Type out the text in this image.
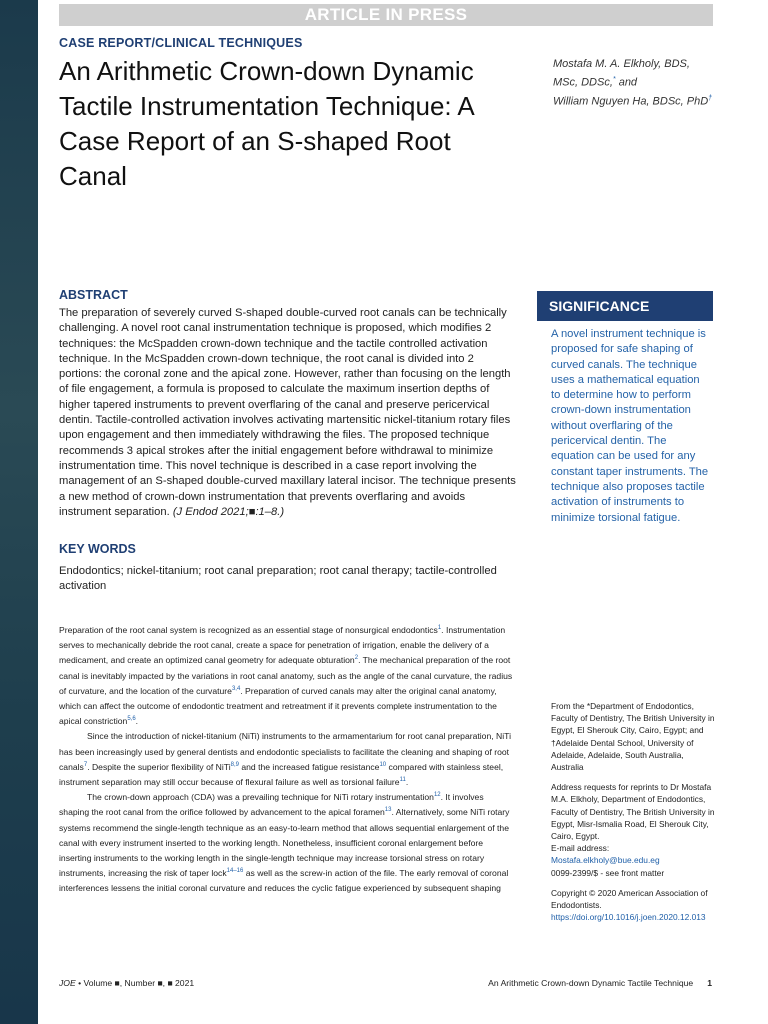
ARTICLE IN PRESS
CASE REPORT/CLINICAL TECHNIQUES
An Arithmetic Crown-down Dynamic Tactile Instrumentation Technique: A Case Report of an S-shaped Root Canal
Mostafa M. A. Elkholy, BDS,
MSc, DDSc,* and
William Nguyen Ha, BDSc, PhD†
ABSTRACT
The preparation of severely curved S-shaped double-curved root canals can be technically challenging. A novel root canal instrumentation technique is proposed, which modifies 2 techniques: the McSpadden crown-down technique and the tactile controlled activation technique. In the McSpadden crown-down technique, the root canal is divided into 2 portions: the coronal zone and the apical zone. However, rather than focusing on the length of file engagement, a formula is proposed to calculate the maximum insertion depths of higher tapered instruments to prevent overflaring of the canal and preserve pericervical dentin. Tactile-controlled activation involves activating martensitic nickel-titanium rotary files upon engagement and then immediately withdrawing the files. The proposed technique recommends 3 apical strokes after the initial engagement before withdrawal to minimize instrumentation time. This novel technique is described in a case report involving the management of an S-shaped double-curved maxillary lateral incisor. The technique presents a new method of crown-down instrumentation that prevents overflaring and avoids instrument separation. (J Endod 2021;■:1–8.)
SIGNIFICANCE
A novel instrument technique is proposed for safe shaping of curved canals. The technique uses a mathematical equation to determine how to perform crown-down instrumentation without overflaring of the pericervical dentin. The equation can be used for any constant taper instruments. The technique also proposes tactile activation of instruments to minimize torsional fatigue.
KEY WORDS
Endodontics; nickel-titanium; root canal preparation; root canal therapy; tactile-controlled activation

Preparation of the root canal system is recognized as an essential stage of nonsurgical endodontics$^1$. Instrumentation serves to mechanically debride the root canal, create a space for penetration of irrigation, enable the delivery of a medicament, and create an optimized canal geometry for adequate obturation$^2$. The mechanical preparation of the root canal is inevitably impacted by the variations in root canal anatomy, such as the angle of the canal curvature, the radius of curvature, and the location of the curvature$^{3,4}$. Preparation of curved canals may alter the original canal anatomy, which can affect the outcome of endodontic treatment and retreatment if it prevents complete instrumentation to the apical constriction$^{5,6}$.

Since the introduction of nickel-titanium (NiTi) instruments to the armamentarium for root canal preparation, NiTi has been increasingly used by general dentists and endodontic specialists to facilitate the cleaning and shaping of root canals$^7$. Despite the superior flexibility of NiTi$^{8,9}$ and the increased fatigue resistance$^{10}$ compared with stainless steel, instrument separation may still occur because of flexural failure as well as torsional failure$^{11}$.

The crown-down approach (CDA) was a prevailing technique for NiTi rotary instrumentation$^{12}$. It involves shaping the root canal from the orifice followed by advancement to the apical foramen$^{13}$. Alternatively, some NiTi rotary systems recommend the single-length technique as an easy-to-learn method that allows sequential enlargement of the canal with every instrument inserted to the working length. Nonetheless, insufficient coronal enlargement before inserting instruments to the working length in the single-length technique may increase torsional stress on rotary instruments, increasing the risk of taper lock$^{14-16}$ as well as the screw-in action of the file. The early removal of coronal interferences lessens the initial coronal curvature and reduces the cyclic fatigue experienced by subsequent shaping

From the *Department of Endodontics, Faculty of Dentistry, The British University in Egypt, El Sherouk City, Cairo, Egypt; and †Adelaide Dental School, University of Adelaide, Adelaide, South Australia, Australia

Address requests for reprints to Dr Mostafa M.A. Elkholy, Department of Endodontics, Faculty of Dentistry, The British University in Egypt, Misr-Ismalia Road, El Sherouk City, Cairo, Egypt.
E-mail address: Mostafa.elkholy@bue.edu.eg

0099-2399/$ - see front matter

Copyright © 2020 American Association of Endodontists.
https://doi.org/10.1016/j.joen.2020.12.013

JOE • Volume ■, Number ■, ■ 2021	An Arithmetic Crown-down Dynamic Tactile Technique 1
